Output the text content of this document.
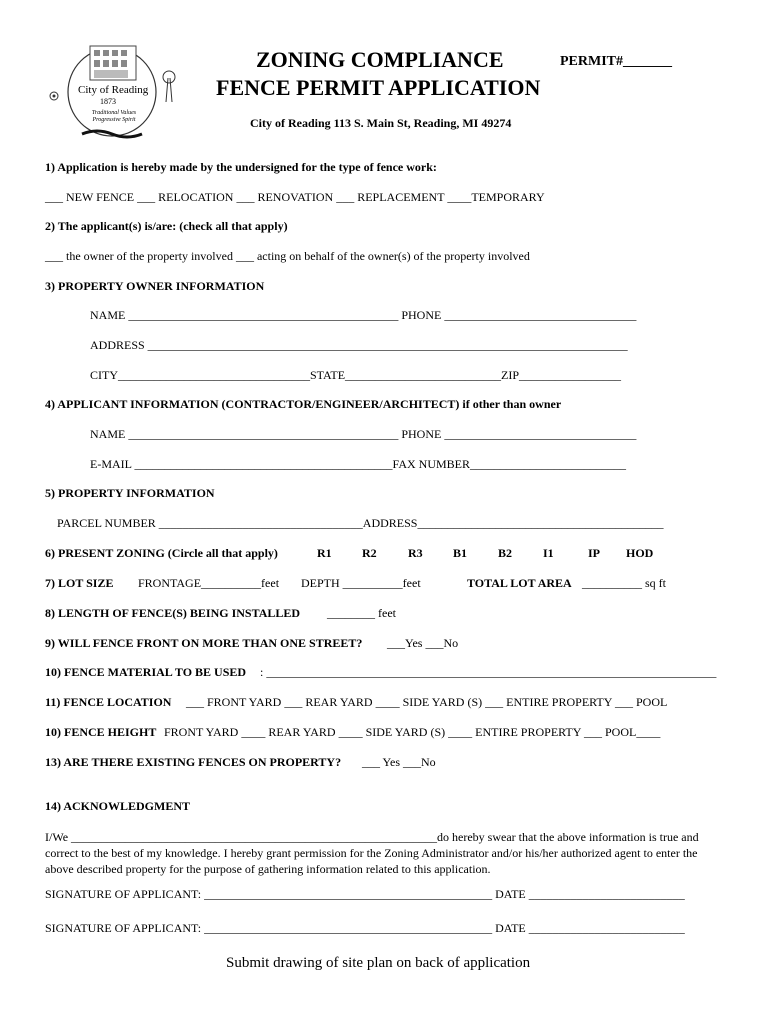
City of Reading
1873
Traditional Values Progressive Spirit
ZONING COMPLIANCE	PERMIT#_______
FENCE PERMIT APPLICATION
City of Reading 113 S. Main St, Reading, MI 49274
1) Application is hereby made by the undersigned for the type of fence work:
___ NEW FENCE ___ RELOCATION ___ RENOVATION ___ REPLACEMENT ____TEMPORARY
2) The applicant(s) is/are: (check all that apply)
___ the owner of the property involved ___ acting on behalf of the owner(s) of the property involved
3) PROPERTY OWNER INFORMATION
NAME _____________________________________________ PHONE ________________________________
ADDRESS ________________________________________________________________________________
CITY________________________________STATE__________________________ZIP_________________
4) APPLICANT INFORMATION (CONTRACTOR/ENGINEER/ARCHITECT) if other than owner
NAME _____________________________________________ PHONE ________________________________
E-MAIL ___________________________________________FAX NUMBER__________________________
5) PROPERTY INFORMATION
PARCEL NUMBER __________________________________ADDRESS_________________________________________
6) PRESENT ZONING (Circle all that apply)	R1	R2	R3	B1	B2	I1	IP HOD
7) LOT SIZE FRONTAGE__________feet DEPTH __________feet	TOTAL LOT AREA __________ sq ft
8) LENGTH OF FENCE(S) BEING INSTALLED ________ feet
9) WILL FENCE FRONT ON MORE THAN ONE STREET? ___Yes ___No
10) FENCE MATERIAL TO BE USED : ___________________________________________________________________________
11) FENCE LOCATION ___ FRONT YARD ___ REAR YARD ____ SIDE YARD (S) ___ ENTIRE PROPERTY ___ POOL
10) FENCE HEIGHT FRONT YARD ____ REAR YARD ____ SIDE YARD (S) ____ ENTIRE PROPERTY ___ POOL____
13) ARE THERE EXISTING FENCES ON PROPERTY? ___ Yes ___No
14) ACKNOWLEDGMENT
I/We _____________________________________________________________do hereby swear that the above information is true and correct to the best of my knowledge. I hereby grant permission for the Zoning Administrator and/or his/her authorized agent to enter the above described property for the purpose of gathering information related to this application.
SIGNATURE OF APPLICANT: ________________________________________________ DATE __________________________
SIGNATURE OF APPLICANT: ________________________________________________ DATE __________________________
Submit drawing of site plan on back of application
